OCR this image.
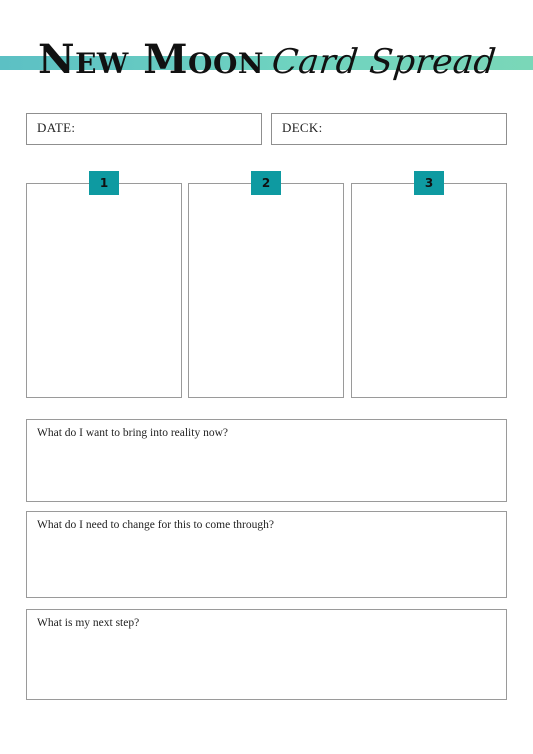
New Moon Card Spread
DATE:	DECK:
1	2	3
What do I want to bring into reality now?
What do I need to change for this to come through?
What is my next step?
